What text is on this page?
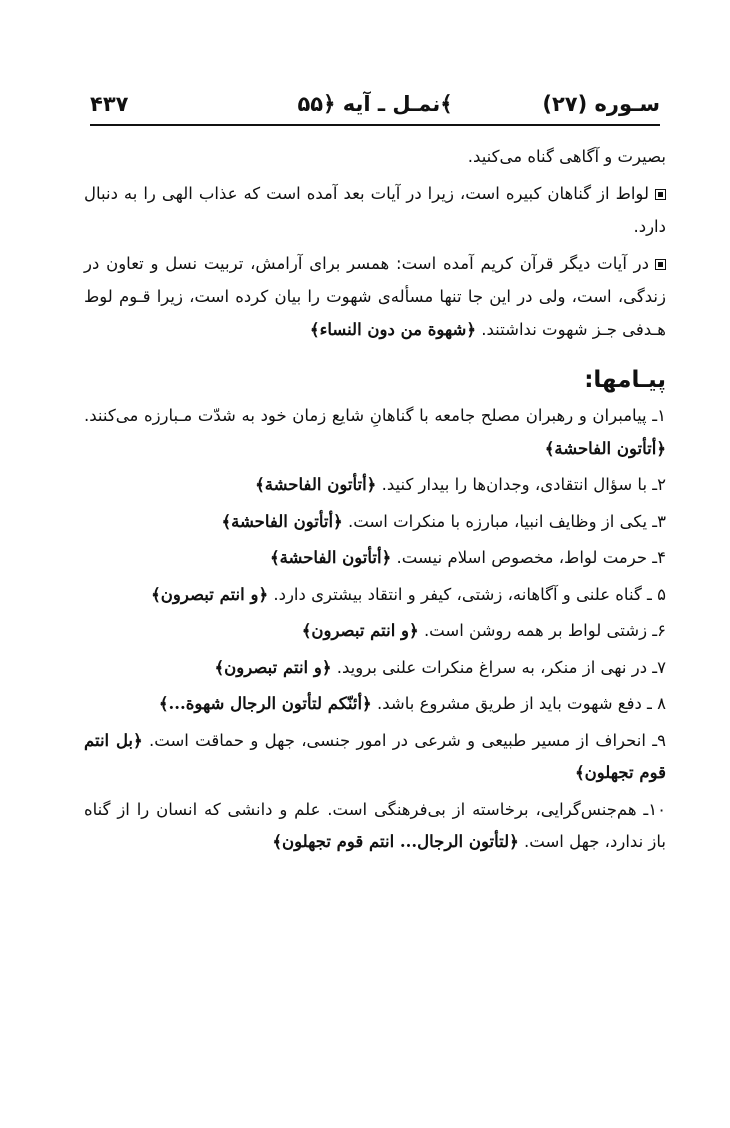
۴۳۷	نمـل ـ آیه ﴿۵۵﴾	سـوره (۲۷)

بصیرت و آگاهی گناه می‌کنید.

لواط از گناهان کبیره است، زیرا در آیات بعد آمده است که عذاب الهی را به دنبال دارد.

در آیات دیگر قرآن کریم آمده است: همسر برای آرامش، تربیت نسل و تعاون در زندگی، است، ولی در این جا تنها مسأله‌ی شهوت را بیان کرده است، زیرا قـوم لوط هـدفی جـز شهوت نداشتند. ﴿شهوة من دون النساء﴾

پیـامها:

۱ـ پیامبران و رهبران مصلح جامعه با گناهانِ شایع زمان خود به شدّت مـبارزه می‌کنند. ﴿أتأتون الفاحشة﴾

۲ـ با سؤال انتقادی، وجدان‌ها را بیدار کنید. ﴿أتأتون الفاحشة﴾

۳ـ یکی از وظایف انبیا، مبارزه با منکرات است. ﴿أتأتون الفاحشة﴾

۴ـ حرمت لواط، مخصوص اسلام نیست. ﴿أتأتون الفاحشة﴾

۵ ـ گناه علنی و آگاهانه، زشتی، کیفر و انتقاد بیشتری دارد. ﴿و انتم تبصرون﴾

۶ـ زشتی لواط بر همه روشن است. ﴿و انتم تبصرون﴾

۷ـ در نهی از منکر، به سراغ منکرات علنی بروید. ﴿و انتم تبصرون﴾

۸ ـ دفع شهوت باید از طریق مشروع باشد. ﴿أئنّکم لتأتون الرجال شهوة...﴾

۹ـ انحراف از مسیر طبیعی و شرعی در امور جنسی، جهل و حماقت است. ﴿بل انتم قوم تجهلون﴾

۱۰ـ هم‌جنس‌گرایی، برخاسته از بی‌فرهنگی است. علم و دانشی که انسان را از گناه باز ندارد، جهل است. ﴿لتأتون الرجال... انتم قوم تجهلون﴾
